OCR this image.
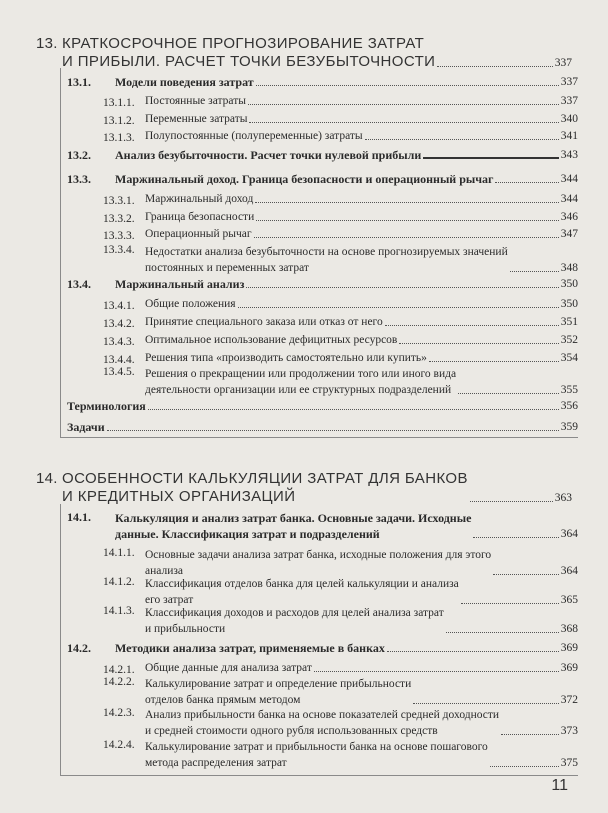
13. КРАТКОСРОЧНОЕ ПРОГНОЗИРОВАНИЕ ЗАТРАТ
И ПРИБЫЛИ. РАСЧЕТ ТОЧКИ БЕЗУБЫТОЧНОСТИ	337
13.1.	Модели поведения затрат	337
13.1.1. Постоянные затраты	337
13.1.2. Переменные затраты	340
13.1.3. Полупостоянные (полупеременные) затраты	341
13.2.	Анализ безубыточности. Расчет точки нулевой прибыли	343
13.3.	Маржинальный доход. Граница безопасности и операционный рычаг	344
13.3.1. Маржинальный доход	344
13.3.2. Граница безопасности	346
13.3.3. Операционный рычаг	347
13.3.4. Недостатки анализа безубыточности на основе прогнозируемых значений
постоянных и переменных затрат	348
13.4.	Маржинальный анализ	350
13.4.1. Общие положения	350
13.4.2. Принятие специального заказа или отказ от него	351
13.4.3. Оптимальное использование дефицитных ресурсов	352
13.4.4. Решения типа «производить самостоятельно или купить»	354
13.4.5. Решения о прекращении или продолжении того или иного вида
деятельности организации или ее структурных подразделений	355
Терминология	356
Задачи	359
14. ОСОБЕННОСТИ КАЛЬКУЛЯЦИИ ЗАТРАТ ДЛЯ БАНКОВ
И КРЕДИТНЫХ ОРГАНИЗАЦИЙ	363
14.1.	Калькуляция и анализ затрат банка. Основные задачи. Исходные
данные. Классификация затрат и подразделений	364
14.1.1. Основные задачи анализа затрат банка, исходные положения для этого
анализа	364
14.1.2. Классификация отделов банка для целей калькуляции и анализа
его затрат	365
14.1.3. Классификация доходов и расходов для целей анализа затрат
и прибыльности	368
14.2.	Методики анализа затрат, применяемые в банках	369
14.2.1. Общие данные для анализа затрат	369
14.2.2. Калькулирование затрат и определение прибыльности
отделов банка прямым методом	372
14.2.3. Анализ прибыльности банка на основе показателей средней доходности
и средней стоимости одного рубля использованных средств	373
14.2.4. Калькулирование затрат и прибыльности банка на основе пошагового
метода распределения затрат	375
11
